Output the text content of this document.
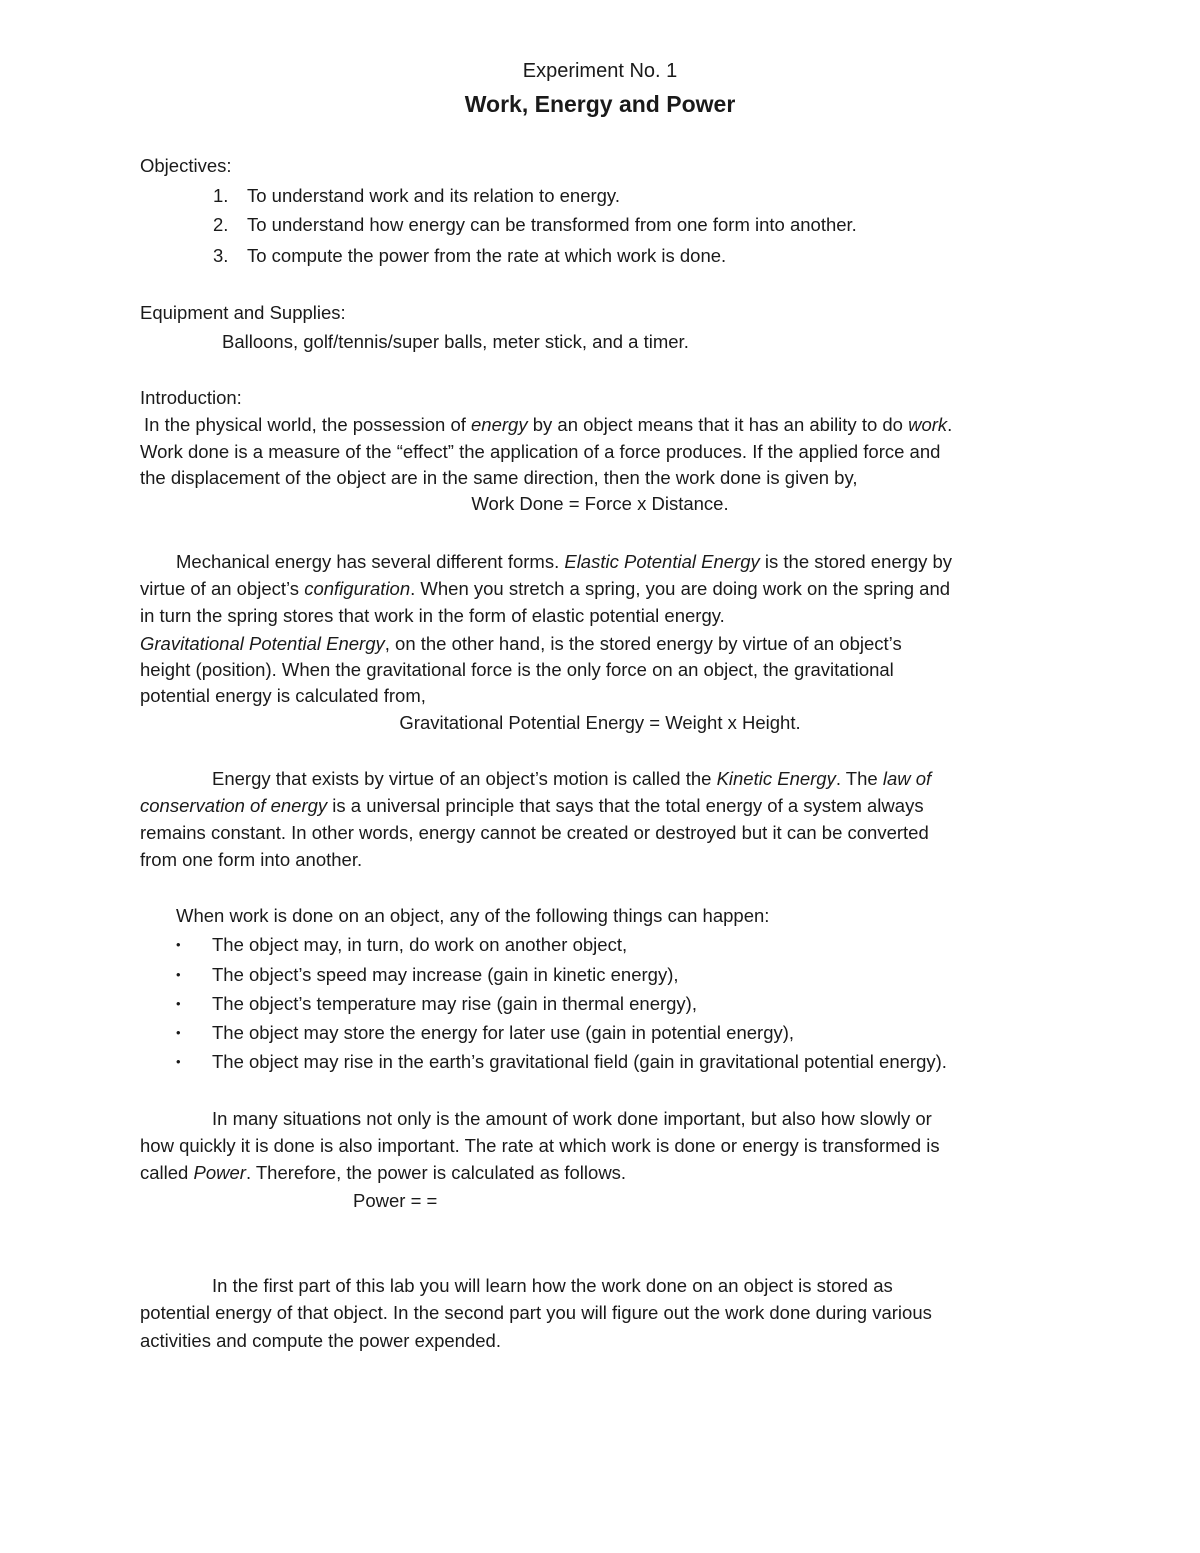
Experiment No. 1
Work, Energy and Power
Objectives:
1. To understand work and its relation to energy.
2. To understand how energy can be transformed from one form into another.
3. To compute the power from the rate at which work is done.
Equipment and Supplies:
Balloons, golf/tennis/super balls, meter stick, and a timer.
Introduction:
In the physical world, the possession of energy by an object means that it has an ability to do work.
Work done is a measure of the “effect” the application of a force produces. If the applied force and
the displacement of the object are in the same direction, then the work done is given by,
Work Done = Force x Distance.
Mechanical energy has several different forms. Elastic Potential Energy is the stored energy by
virtue of an object’s configuration. When you stretch a spring, you are doing work on the spring and
in turn the spring stores that work in the form of elastic potential energy.
Gravitational Potential Energy, on the other hand, is the stored energy by virtue of an object’s
height (position). When the gravitational force is the only force on an object, the gravitational
potential energy is calculated from,
Gravitational Potential Energy = Weight x Height.
Energy that exists by virtue of an object’s motion is called the Kinetic Energy. The law of
conservation of energy is a universal principle that says that the total energy of a system always
remains constant. In other words, energy cannot be created or destroyed but it can be converted
from one form into another.
When work is done on an object, any of the following things can happen:
• The object may, in turn, do work on another object,
• The object’s speed may increase (gain in kinetic energy),
• The object’s temperature may rise (gain in thermal energy),
• The object may store the energy for later use (gain in potential energy),
• The object may rise in the earth’s gravitational field (gain in gravitational potential energy).
In many situations not only is the amount of work done important, but also how slowly or
how quickly it is done is also important. The rate at which work is done or energy is transformed is
called Power. Therefore, the power is calculated as follows.
Power = =
In the first part of this lab you will learn how the work done on an object is stored as
potential energy of that object. In the second part you will figure out the work done during various
activities and compute the power expended.
